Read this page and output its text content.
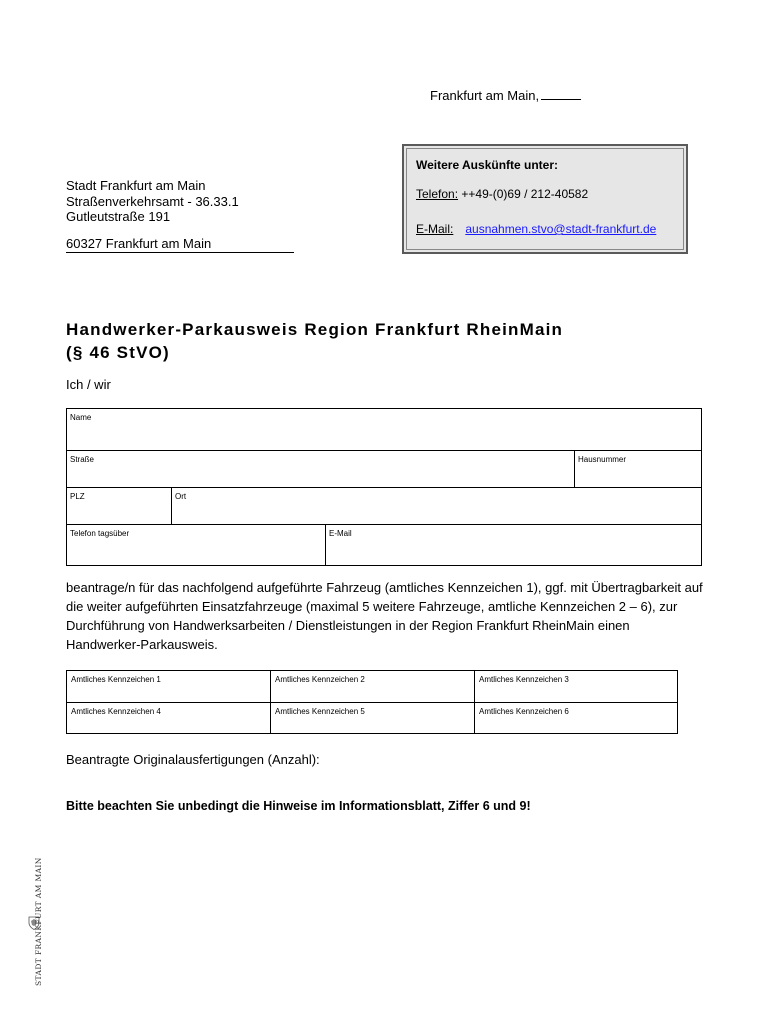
Frankfurt am Main,
Weitere Auskünfte unter:
Telefon: ++49-(0)69 / 212-40582
E-Mail: ausnahmen.stvo@stadt-frankfurt.de
Stadt Frankfurt am Main
Straßenverkehrsamt - 36.33.1
Gutleutstraße 191
60327 Frankfurt am Main
Handwerker-Parkausweis Region Frankfurt RheinMain
(§ 46 StVO)
Ich / wir
Name
Straße	Hausnummer
PLZ	Ort
Telefon tagsüber	E-Mail
beantrage/n für das nachfolgend aufgeführte Fahrzeug (amtliches Kennzeichen 1), ggf. mit Übertragbarkeit auf die weiter aufgeführten Einsatzfahrzeuge (maximal 5 weitere Fahrzeuge, amtliche Kennzeichen 2 – 6), zur Durchführung von Handwerksarbeiten / Dienstleistungen in der Region Frankfurt RheinMain einen Handwerker-Parkausweis.
Amtliches Kennzeichen 1	Amtliches Kennzeichen 2	Amtliches Kennzeichen 3
Amtliches Kennzeichen 4	Amtliches Kennzeichen 5	Amtliches Kennzeichen 6
Beantragte Originalausfertigungen (Anzahl):
Bitte beachten Sie unbedingt die Hinweise im Informationsblatt, Ziffer 6 und 9!
STADT FRANKFURT AM MAIN
